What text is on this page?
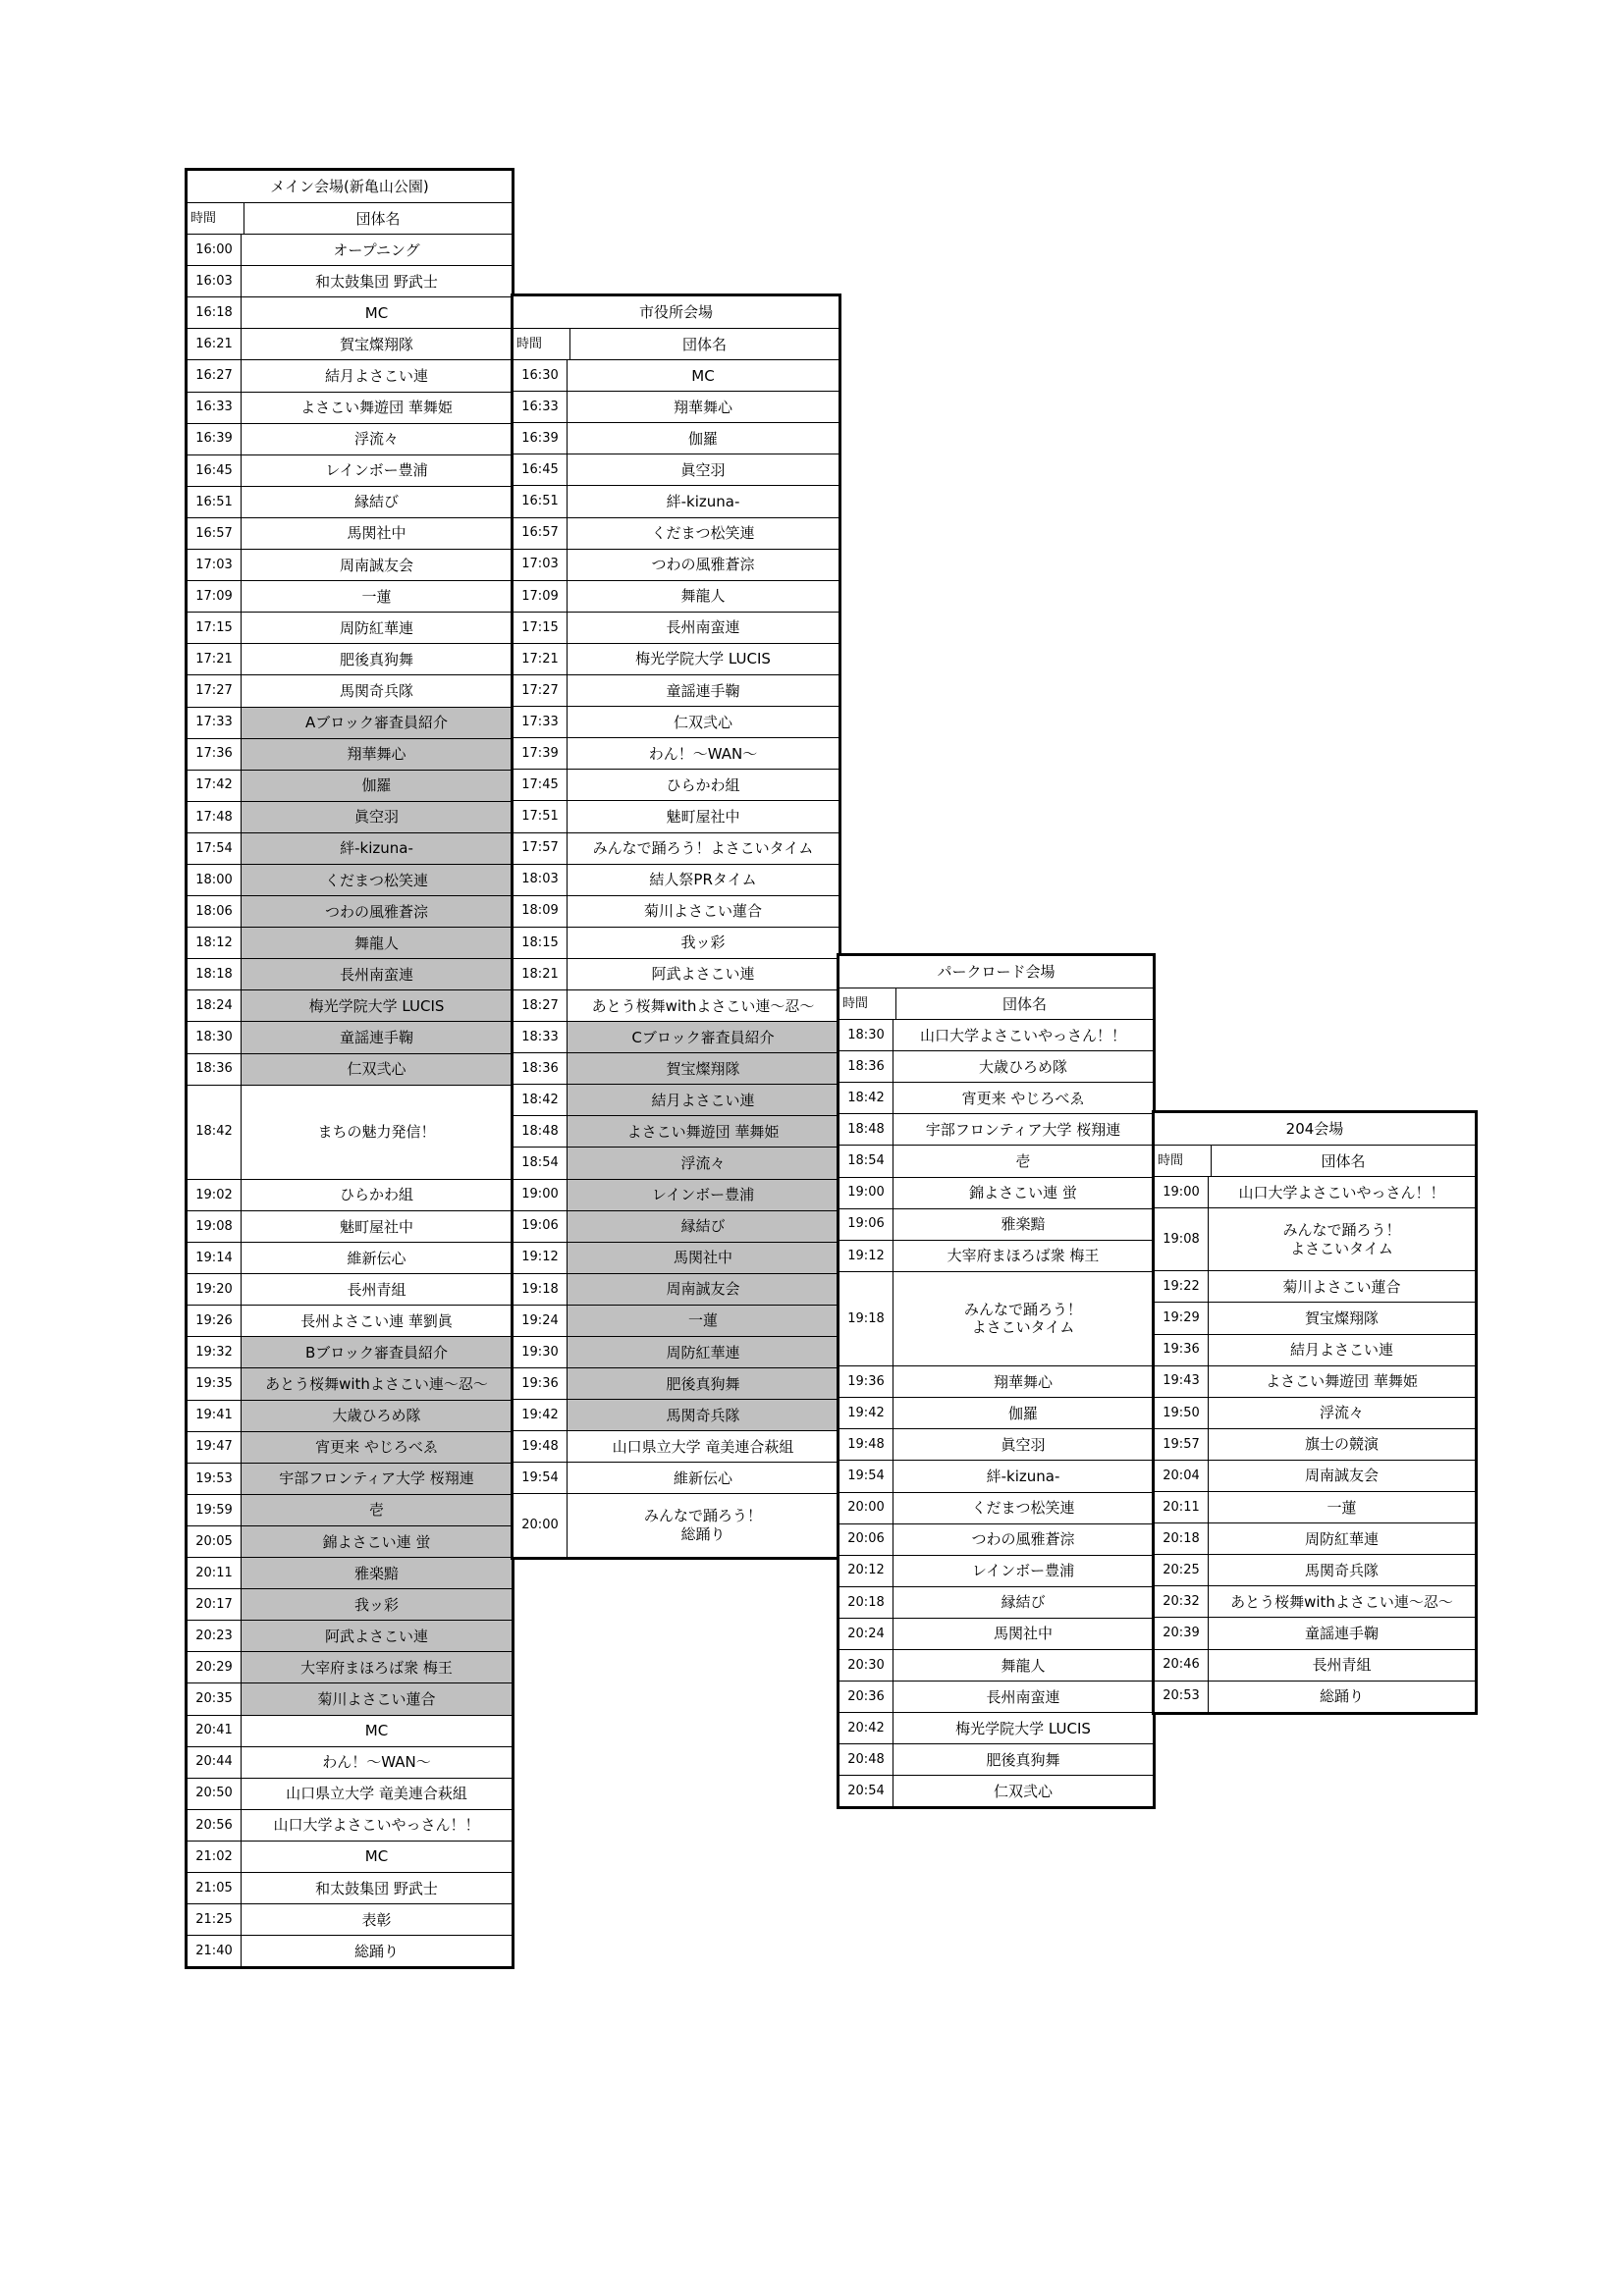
メイン会場(新亀山公園)
時間	団体名
16:00	オープニング
16:03	和太鼓集団 野武士
16:18	MC
16:21	賀宝燦翔隊
16:27	結月よさこい連
16:33	よさこい舞遊団 華舞姫
16:39	浮流々
16:45	レインボー豊浦
16:51	縁結び
16:57	馬関社中
17:03	周南誠友会
17:09	一蓮
17:15	周防紅華連
17:21	肥後真狗舞
17:27	馬関奇兵隊
17:33	Aブロック審査員紹介
17:36	翔華舞心
17:42	伽羅
17:48	眞空羽
17:54	絆-kizuna-
18:00	くだまつ松笑連
18:06	つわの風雅蒼淙
18:12	舞龍人
18:18	長州南蛮連
18:24	梅光学院大学 LUCIS
18:30	童謡連手鞠
18:36	仁双弐心
18:42	まちの魅力発信！
19:02	ひらかわ組
19:08	魅町屋社中
19:14	維新伝心
19:20	長州青組
19:26	長州よさこい連 華劉眞
19:32	Bブロック審査員紹介
19:35	あとう桜舞withよさこい連～忍～
19:41	大歳ひろめ隊
19:47	宵更来 やじろべゑ
19:53	宇部フロンティア大学 桜翔連
19:59	壱
20:05	錦よさこい連 蛍
20:11	雅楽黯
20:17	我ッ彩
20:23	阿武よさこい連
20:29	大宰府まほろば衆 梅王
20:35	菊川よさこい蓮合
20:41	MC
20:44	わん！～WAN～
20:50	山口県立大学 竜美連合萩組
20:56	山口大学よさこいやっさん！！
21:02	MC
21:05	和太鼓集団 野武士
21:25	表彰
21:40	総踊り
市役所会場
時間	団体名
16:30	MC
16:33	翔華舞心
16:39	伽羅
16:45	眞空羽
16:51	絆-kizuna-
16:57	くだまつ松笑連
17:03	つわの風雅蒼淙
17:09	舞龍人
17:15	長州南蛮連
17:21	梅光学院大学 LUCIS
17:27	童謡連手鞠
17:33	仁双弐心
17:39	わん！～WAN～
17:45	ひらかわ組
17:51	魅町屋社中
17:57	みんなで踊ろう！よさこいタイム
18:03	結人祭PRタイム
18:09	菊川よさこい蓮合
18:15	我ッ彩
18:21	阿武よさこい連
18:27	あとう桜舞withよさこい連～忍～
18:33	Cブロック審査員紹介
18:36	賀宝燦翔隊
18:42	結月よさこい連
18:48	よさこい舞遊団 華舞姫
18:54	浮流々
19:00	レインボー豊浦
19:06	縁結び
19:12	馬関社中
19:18	周南誠友会
19:24	一蓮
19:30	周防紅華連
19:36	肥後真狗舞
19:42	馬関奇兵隊
19:48	山口県立大学 竜美連合萩組
19:54	維新伝心
20:00
みんなで踊ろう！
総踊り
パークロード会場
時間	団体名
18:30	山口大学よさこいやっさん！！
18:36	大歳ひろめ隊
18:42	宵更来 やじろべゑ
18:48	宇部フロンティア大学 桜翔連
18:54	壱
19:00	錦よさこい連 蛍
19:06	雅楽黯
19:12	大宰府まほろば衆 梅王
19:18
みんなで踊ろう！
よさこいタイム
19:36	翔華舞心
19:42	伽羅
19:48	眞空羽
19:54	絆-kizuna-
20:00	くだまつ松笑連
20:06	つわの風雅蒼淙
20:12	レインボー豊浦
20:18	縁結び
20:24	馬関社中
20:30	舞龍人
20:36	長州南蛮連
20:42	梅光学院大学 LUCIS
20:48	肥後真狗舞
20:54	仁双弐心
204会場
時間	団体名
19:00	山口大学よさこいやっさん！！
19:08
みんなで踊ろう！
よさこいタイム
19:22	菊川よさこい蓮合
19:29	賀宝燦翔隊
19:36	結月よさこい連
19:43	よさこい舞遊団 華舞姫
19:50	浮流々
19:57	旗士の競演
20:04	周南誠友会
20:11	一蓮
20:18	周防紅華連
20:25	馬関奇兵隊
20:32	あとう桜舞withよさこい連～忍～
20:39	童謡連手鞠
20:46	長州青組
20:53	総踊り
